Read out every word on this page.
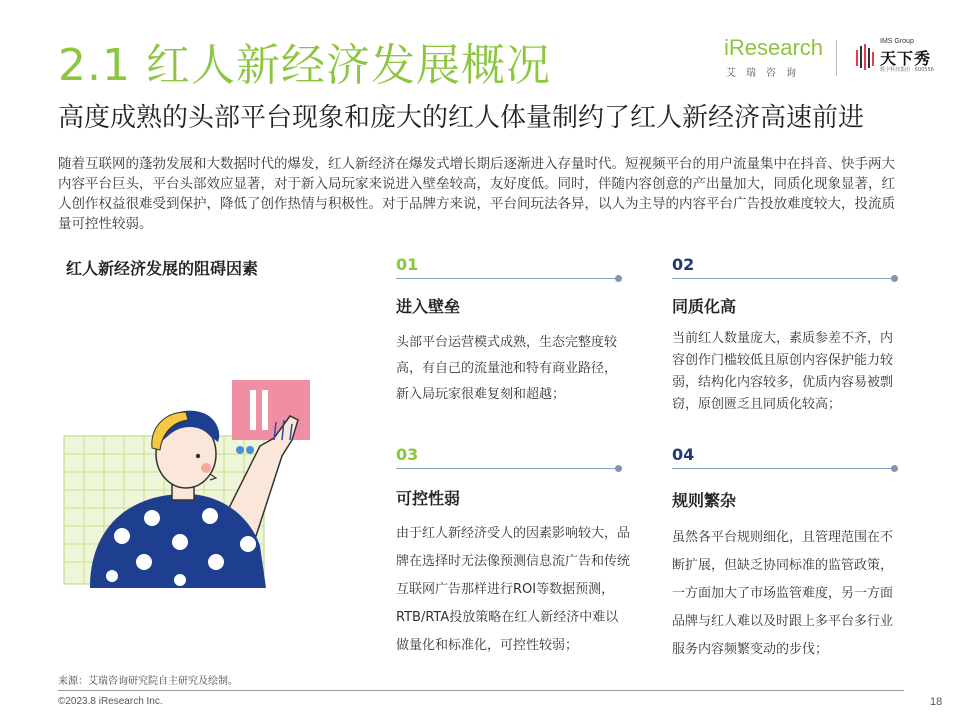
2.1 红人新经济发展概况
高度成熟的头部平台现象和庞大的红人体量制约了红人新经济高速前进
iResearch
艾瑞咨询
IMS Group
天下秀
数字科技集团 · 600556
随着互联网的蓬勃发展和大数据时代的爆发，红人新经济在爆发式增长期后逐渐进入存量时代。短视频平台的用户流量集中在抖音、快手两大内容平台巨头，平台头部效应显著，对于新入局玩家来说进入壁垒较高，友好度低。同时，伴随内容创意的产出量加大，同质化现象显著，红人创作权益很难受到保护，降低了创作热情与积极性。对于品牌方来说，平台间玩法各异，以人为主导的内容平台广告投放难度较大，投流质量可控性较弱。
红人新经济发展的阻碍因素	01
进入壁垒
头部平台运营模式成熟，生态完整度较高，有自己的流量池和特有商业路径，新入局玩家很难复刻和超越；
02
同质化高
当前红人数量庞大，素质参差不齐，内容创作门槛较低且原创内容保护能力较弱，结构化内容较多，优质内容易被剽窃，原创匮乏且同质化较高；
03
可控性弱
由于红人新经济受人的因素影响较大，品牌在选择时无法像预测信息流广告和传统互联网广告那样进行ROI等数据预测，RTB/RTA投放策略在红人新经济中难以做量化和标准化，可控性较弱；
04
规则繁杂
虽然各平台规则细化，且管理范围在不断扩展，但缺乏协同标准的监管政策，一方面加大了市场监管难度，另一方面品牌与红人难以及时跟上多平台多行业服务内容频繁变动的步伐；
来源：艾瑞咨询研究院自主研究及绘制。
©2023.8 iResearch Inc.	18
